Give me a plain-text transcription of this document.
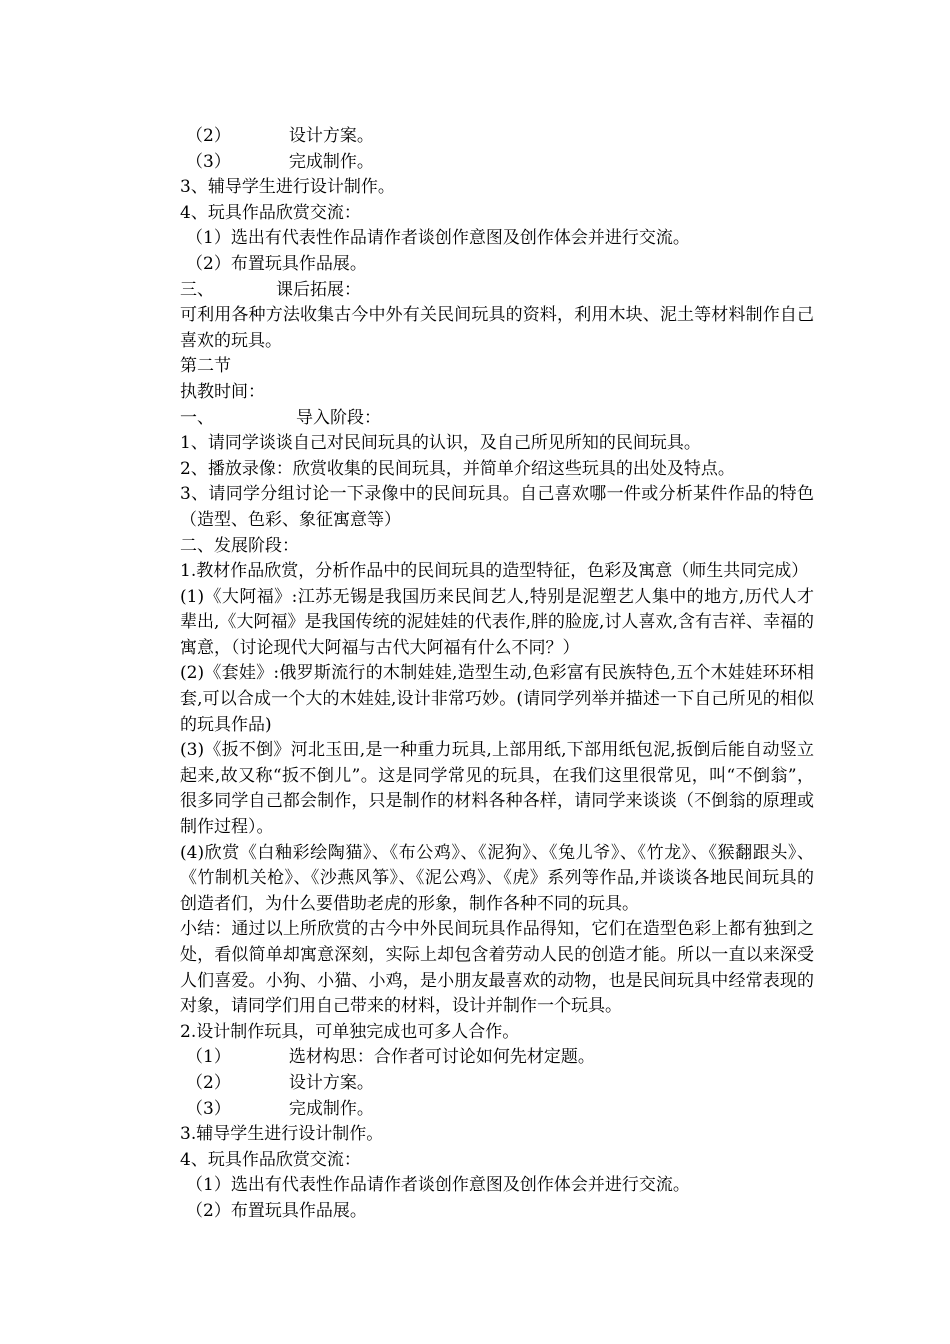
（2）	设计方案。

（3）	完成制作。

3、辅导学生进行设计制作。

4、玩具作品欣赏交流：

（1）选出有代表性作品请作者谈创作意图及创作体会并进行交流。

（2）布置玩具作品展。

三、	课后拓展：

可利用各种方法收集古今中外有关民间玩具的资料，利用木块、泥土等材料制作自己喜欢的玩具。

第二节

执教时间：

一、	导入阶段：

1、请同学谈谈自己对民间玩具的认识，及自己所见所知的民间玩具。

2、播放录像：欣赏收集的民间玩具，并简单介绍这些玩具的出处及特点。

3、请同学分组讨论一下录像中的民间玩具。自己喜欢哪一件或分析某件作品的特色（造型、色彩、象征寓意等）

二、发展阶段：

1.教材作品欣赏，分析作品中的民间玩具的造型特征，色彩及寓意（师生共同完成）

(1)《大阿福》:江苏无锡是我国历来民间艺人,特别是泥塑艺人集中的地方,历代人才辈出,《大阿福》是我国传统的泥娃娃的代表作,胖的脸庞,讨人喜欢,含有吉祥、幸福的寓意，（讨论现代大阿福与古代大阿福有什么不同？）

(2)《套娃》:俄罗斯流行的木制娃娃,造型生动,色彩富有民族特色,五个木娃娃环环相套,可以合成一个大的木娃娃,设计非常巧妙。(请同学列举并描述一下自己所见的相似的玩具作品)

(3)《扳不倒》河北玉田,是一种重力玩具,上部用纸,下部用纸包泥,扳倒后能自动竖立起来,故又称“扳不倒儿”。这是同学常见的玩具，在我们这里很常见，叫“不倒翁”，很多同学自己都会制作，只是制作的材料各种各样，请同学来谈谈（不倒翁的原理或制作过程）。

(4)欣赏《白釉彩绘陶猫》、《布公鸡》、《泥狗》、《兔儿爷》、《竹龙》、《猴翻跟头》、《竹制机关枪》、《沙燕风筝》、《泥公鸡》、《虎》系列等作品,并谈谈各地民间玩具的创造者们，为什么要借助老虎的形象，制作各种不同的玩具。

小结：通过以上所欣赏的古今中外民间玩具作品得知，它们在造型色彩上都有独到之处，看似简单却寓意深刻，实际上却包含着劳动人民的创造才能。所以一直以来深受人们喜爱。小狗、小猫、小鸡，是小朋友最喜欢的动物，也是民间玩具中经常表现的对象，请同学们用自己带来的材料，设计并制作一个玩具。

2.设计制作玩具，可单独完成也可多人合作。

（1）	选材构思：合作者可讨论如何先材定题。

（2）	设计方案。

（3）	完成制作。

3.辅导学生进行设计制作。

4、玩具作品欣赏交流：

（1）选出有代表性作品请作者谈创作意图及创作体会并进行交流。

（2）布置玩具作品展。
